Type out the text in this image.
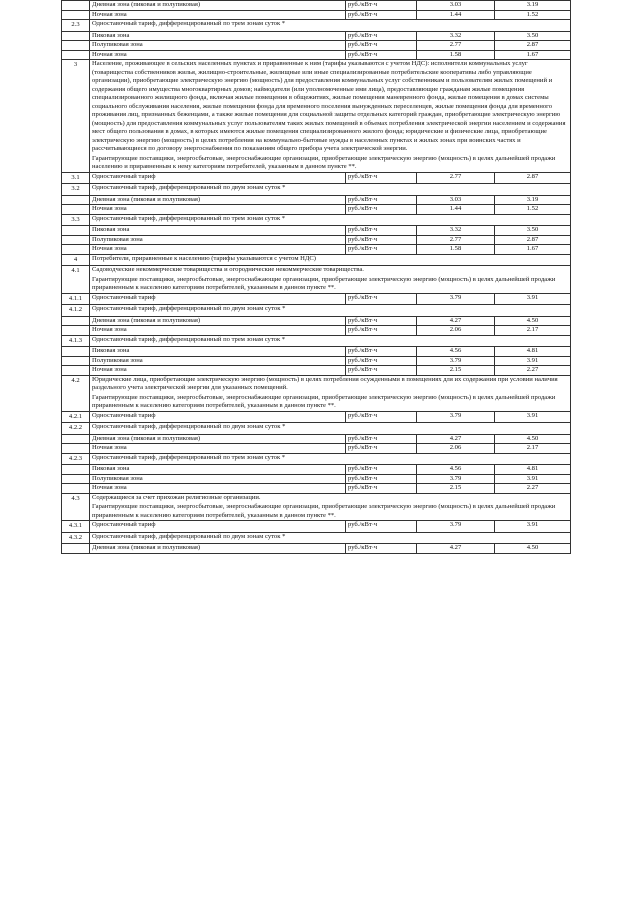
	Дневная зона (пиковая и полупиковая)	руб./кВт·ч	3.03	3.19
	Ночная зона	руб./кВт·ч	1.44	1.52
2.3	Одноставочный тариф, дифференцированный по трем зонам суток *			
	Пиковая зона	руб./кВт·ч	3.32	3.50
	Полупиковая зона	руб./кВт·ч	2.77	2.87
	Ночная зона	руб./кВт·ч	1.58	1.67
3	Население, проживающее в сельских населенных пунктах и приравненные к ним (тарифы указываются с учетом НДС): исполнители коммунальных услуг (товарищества собственников жилья, жилищно-строительные, жилищные или иные специализированные потребительские кооперативы либо управляющие организации), приобретающие электрическую энергию (мощность) для предоставления коммунальных услуг собственникам и пользователям жилых помещений и содержания общего имущества многоквартирных домов; наймодатели (или уполномоченные ими лица), предоставляющие гражданам жилые помещения специализированного жилищного фонда, включая жилые помещения в общежитиях, жилые помещения маневренного фонда, жилые помещения в домах системы социального обслуживания населения, жилые помещения фонда для временного поселения вынужденных переселенцев, жилые помещения фонда для временного проживания лиц, признанных беженцами, а также жилые помещения для социальной защиты отдельных категорий граждан, приобретающие электрическую энергию (мощность) для предоставления коммунальных услуг пользователям таких жилых помещений в объемах потребления электрической энергии населением и содержания мест общего пользования в домах, в которых имеются жилые помещения специализированного жилого фонда; юридические и физические лица, приобретающие электрическую энергию (мощность) в целях потребления на коммунально-бытовые нужды в населенных пунктах и жилых зонах при воинских частях и рассчитывающиеся по договору энергоснабжения по показаниям общего прибора учета электрической энергии.

Гарантирующие поставщики, энергосбытовые, энергоснабжающие организации, приобретающие электрическую энергию (мощность) в целях дальнейшей продажи населению и приравненным к нему категориям потребителей, указанным в данном пункте **.			

3.1	Одноставочный тариф	руб./кВт·ч	2.77	2.87
3.2	Одноставочный тариф, дифференцированный по двум зонам суток *			
	Дневная зона (пиковая и полупиковая)	руб./кВт·ч	3.03	3.19
	Ночная зона	руб./кВт·ч	1.44	1.52
3.3	Одноставочный тариф, дифференцированный по трем зонам суток *			
	Пиковая зона	руб./кВт·ч	3.32	3.50
	Полупиковая зона	руб./кВт·ч	2.77	2.87
	Ночная зона	руб./кВт·ч	1.58	1.67
4	Потребители, приравненные к населению (тарифы указываются с учетом НДС)			

4.1	Садоводческие некоммерческие товарищества и огороднические некоммерческие товарищества.

Гарантирующие поставщики, энергосбытовые, энергоснабжающие организации, приобретающие электрическую энергию (мощность) в целях дальнейшей продажи приравненным к населению категориям потребителей, указанным в данном пункте **.			

4.1.1	Одноставочный тариф	руб./кВт·ч	3.79	3.91
4.1.2	Одноставочный тариф, дифференцированный по двум зонам суток *			
	Дневная зона (пиковая и полупиковая)	руб./кВт·ч	4.27	4.50
	Ночная зона	руб./кВт·ч	2.06	2.17
4.1.3	Одноставочный тариф, дифференцированный по трем зонам суток *			
	Пиковая зона	руб./кВт·ч	4.56	4.81
	Полупиковая зона	руб./кВт·ч	3.79	3.91
	Ночная зона	руб./кВт·ч	2.15	2.27
4.2	Юридические лица, приобретающие электрическую энергию (мощность) в целях потребления осужденными в помещениях для их содержания при условии наличия раздельного учета электрической энергии для указанных помещений.

Гарантирующие поставщики, энергосбытовые, энергоснабжающие организации, приобретающие электрическую энергию (мощность) в целях дальнейшей продажи приравненным к населению категориям потребителей, указанным в данном пункте **.			

4.2.1	Одноставочный тариф	руб./кВт·ч	3.79	3.91
4.2.2	Одноставочный тариф, дифференцированный по двум зонам суток *			
	Дневная зона (пиковая и полупиковая)	руб./кВт·ч	4.27	4.50
	Ночная зона	руб./кВт·ч	2.06	2.17
4.2.3	Одноставочный тариф, дифференцированный по трем зонам суток *			
	Пиковая зона	руб./кВт·ч	4.56	4.81
	Полупиковая зона	руб./кВт·ч	3.79	3.91
	Ночная зона	руб./кВт·ч	2.15	2.27
4.3	Содержащиеся за счет прихожан религиозные организации.

Гарантирующие поставщики, энергосбытовые, энергоснабжающие организации, приобретающие электрическую энергию (мощность) в целях дальнейшей продажи приравненным к населению категориям потребителей, указанным в данном пункте **.			

4.3.1	Одноставочный тариф	руб./кВт·ч	3.79	3.91
4.3.2	Одноставочный тариф, дифференцированный по двум зонам суток *			
	Дневная зона (пиковая и полупиковая)	руб./кВт·ч	4.27	4.50
